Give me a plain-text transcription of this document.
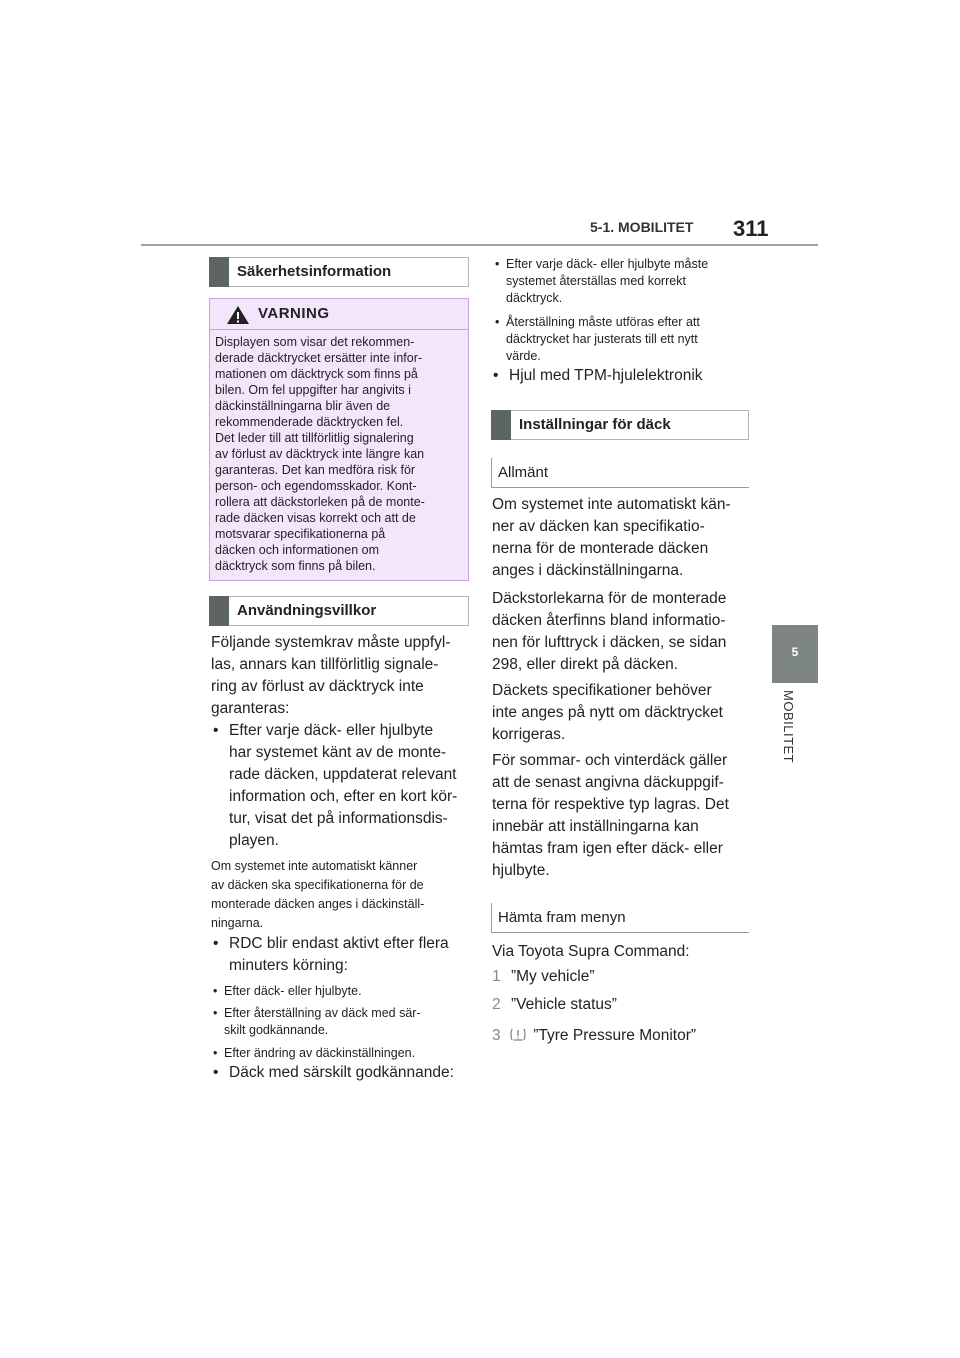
5-1. MOBILITET 311
5
MOBILITET
Säkerhetsinformation
VARNING
Displayen som visar det rekommen-
derade däcktrycket ersätter inte infor-
mationen om däcktryck som finns på
bilen. Om fel uppgifter har angivits i
däckinställningarna blir även de
rekommenderade däcktrycken fel.
Det leder till att tillförlitlig signalering
av förlust av däcktryck inte längre kan
garanteras. Det kan medföra risk för
person- och egendomsskador. Kont-
rollera att däckstorleken på de monte-
rade däcken visas korrekt och att de
motsvarar specifikationerna på
däcken och informationen om
däcktryck som finns på bilen.
Användningsvillkor
Följande systemkrav måste uppfyl-
las, annars kan tillförlitlig signale-
ring av förlust av däcktryck inte
garanteras:
• Efter varje däck- eller hjulbyte
har systemet känt av de monte-
rade däcken, uppdaterat relevant
information och, efter en kort kör-
tur, visat det på informationsdis-
playen.
Om systemet inte automatiskt känner
av däcken ska specifikationerna för de
monterade däcken anges i däckinställ-
ningarna.
• RDC blir endast aktivt efter flera
minuters körning:
• Efter däck- eller hjulbyte.
• Efter återställning av däck med sär-
skilt godkännande.
• Efter ändring av däckinställningen.
• Däck med särskilt godkännande:
• Efter varje däck- eller hjulbyte måste
systemet återställas med korrekt
däcktryck.
• Återställning måste utföras efter att
däcktrycket har justerats till ett nytt
värde.
• Hjul med TPM-hjulelektronik
Inställningar för däck
Allmänt
Om systemet inte automatiskt kän-
ner av däcken kan specifikatio-
nerna för de monterade däcken
anges i däckinställningarna.
Däckstorlekarna för de monterade
däcken återfinns bland informatio-
nen för lufttryck i däcken, se sidan
298, eller direkt på däcken.
Däckets specifikationer behöver
inte anges på nytt om däcktrycket
korrigeras.
För sommar- och vinterdäck gäller
att de senast angivna däckuppgif-
terna för respektive typ lagras. Det
innebär att inställningarna kan
hämtas fram igen efter däck- eller
hjulbyte.
Hämta fram menyn
Via Toyota Supra Command:
1 ”My vehicle”
2 ”Vehicle status”
3 ”Tyre Pressure Monitor”
